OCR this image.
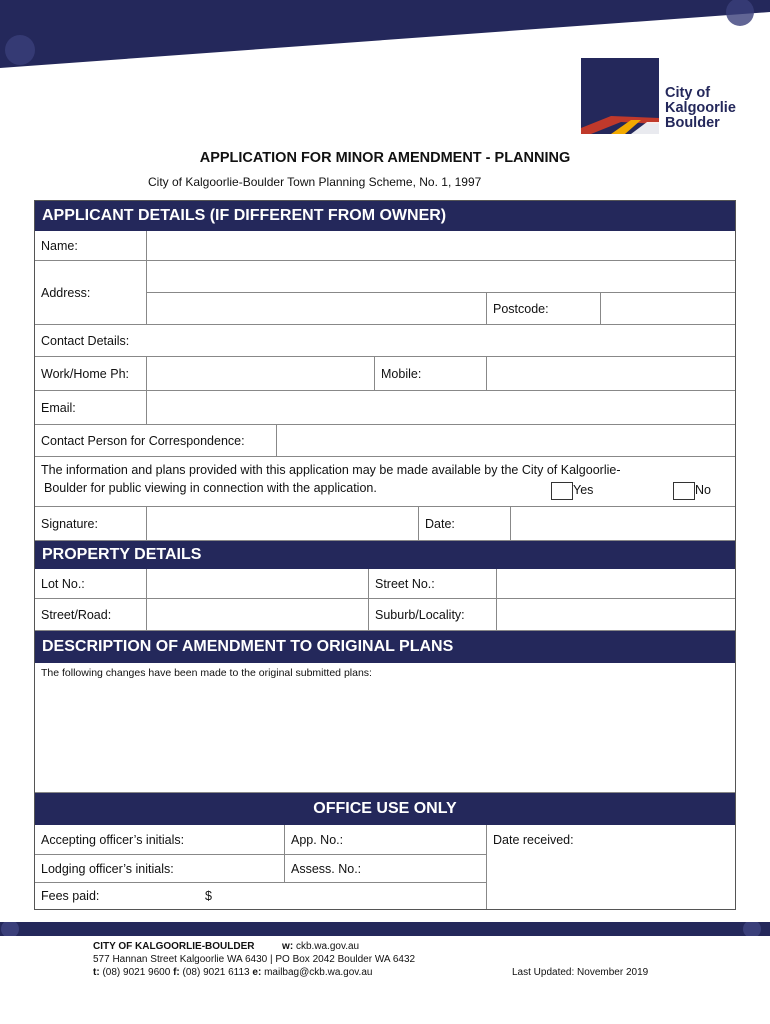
City of
Kalgoorlie
Boulder
APPLICATION FOR MINOR AMENDMENT - PLANNING
City of Kalgoorlie-Boulder Town Planning Scheme, No. 1, 1997
APPLICANT DETAILS (IF DIFFERENT FROM OWNER)
Name:
Address:
Postcode:
Contact Details:
Work/Home Ph:	Mobile:
Email:
Contact Person for Correspondence:
The information and plans provided with this application may be made available by the City of Kalgoorlie-
Boulder for public viewing in connection with the application.	Yes	No
Signature:	Date:
PROPERTY DETAILS
Lot No.:	Street No.:
Street/Road:	Suburb/Locality:
DESCRIPTION OF AMENDMENT TO ORIGINAL PLANS
The following changes have been made to the original submitted plans:
OFFICE USE ONLY
Accepting officer’s initials:	App. No.:	Date received:
Lodging officer’s initials:	Assess. No.:
Fees paid:	$
CITY OF KALGOORLIE-BOULDER	w: ckb.wa.gov.au
577 Hannan Street Kalgoorlie WA 6430 | PO Box 2042 Boulder WA 6432
t: (08) 9021 9600 f: (08) 9021 6113 e: mailbag@ckb.wa.gov.au	Last Updated: November 2019
